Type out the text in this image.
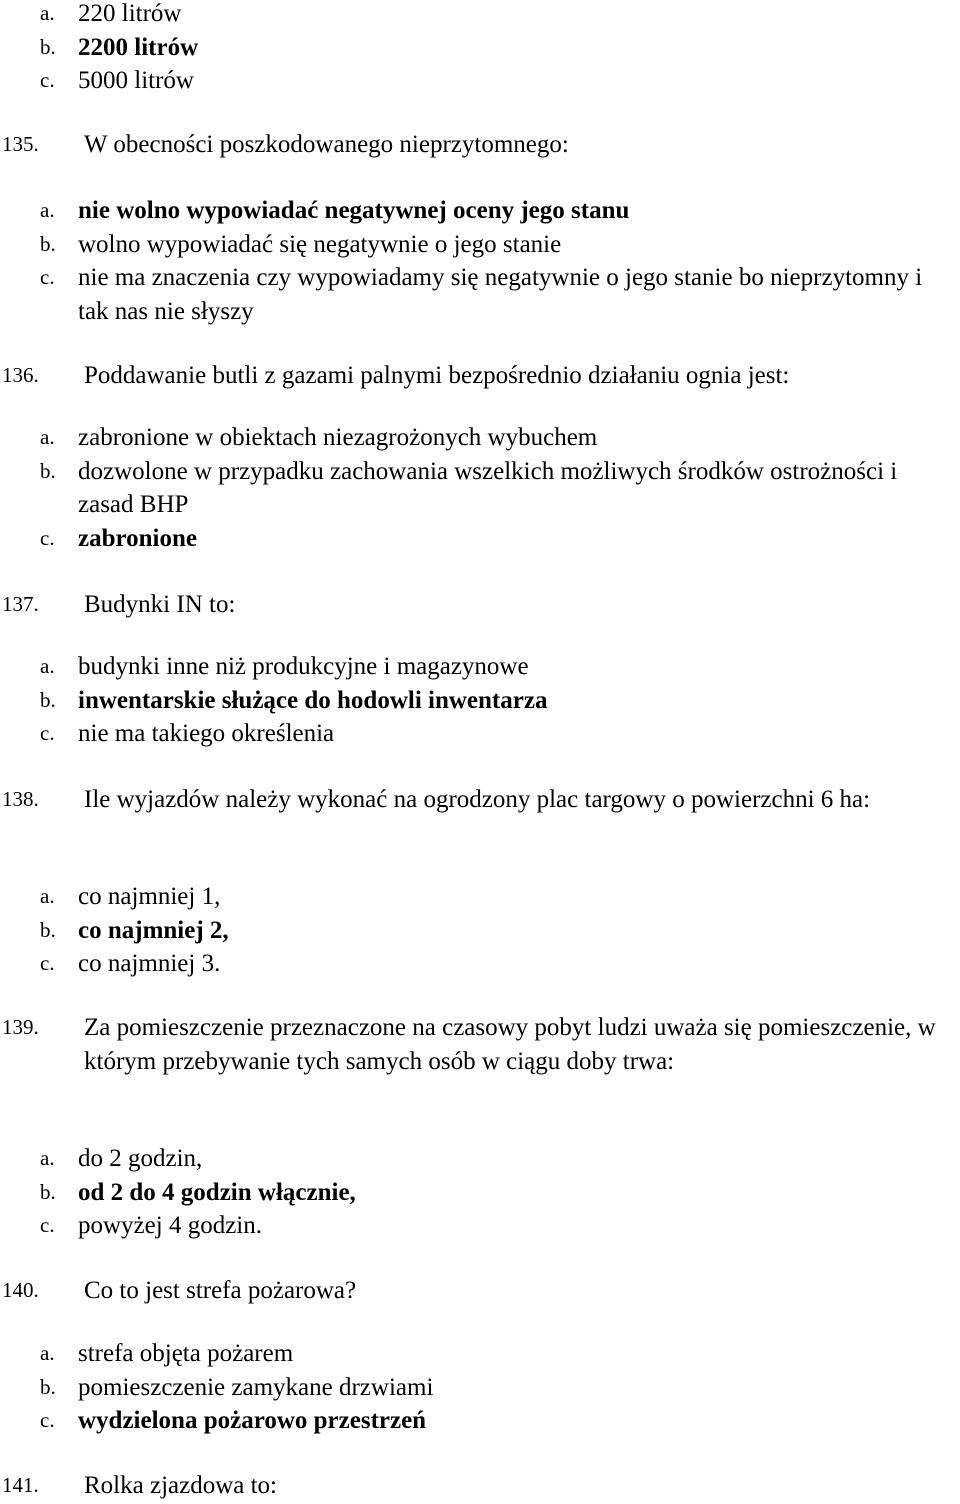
a. 220 litrów
b. 2200 litrów
c. 5000 litrów
135. W obecności poszkodowanego nieprzytomnego:
a. nie wolno wypowiadać negatywnej oceny jego stanu
b. wolno wypowiadać się negatywnie o jego stanie
c. nie ma znaczenia czy wypowiadamy się negatywnie o jego stanie bo nieprzytomny i tak nas nie słyszy
136. Poddawanie butli z gazami palnymi bezpośrednio działaniu ognia jest:
a. zabronione w obiektach niezagrożonych wybuchem
b. dozwolone w przypadku zachowania wszelkich możliwych środków ostrożności i zasad BHP
c. zabronione
137. Budynki IN to:
a. budynki inne niż produkcyjne i magazynowe
b. inwentarskie służące do hodowli inwentarza
c. nie ma takiego określenia
138. Ile wyjazdów należy wykonać na ogrodzony plac targowy o powierzchni 6 ha:
a. co najmniej 1,
b. co najmniej 2,
c. co najmniej 3.
139. Za pomieszczenie przeznaczone na czasowy pobyt ludzi uważa się pomieszczenie, w którym przebywanie tych samych osób w ciągu doby trwa:
a. do 2 godzin,
b. od 2 do 4 godzin włącznie,
c. powyżej 4 godzin.
140. Co to jest strefa pożarowa?
a. strefa objęta pożarem
b. pomieszczenie zamykane drzwiami
c. wydzielona pożarowo przestrzeń
141. Rolka zjazdowa to:
